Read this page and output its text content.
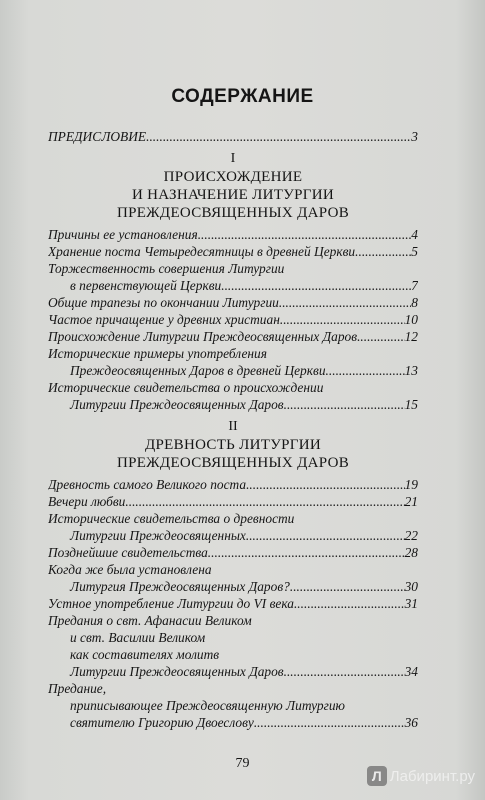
СОДЕРЖАНИЕ
ПРЕДИСЛОВИЕ .....	3
I
ПРОИСХОЖДЕНИЕ
И НАЗНАЧЕНИЕ ЛИТУРГИИ
ПРЕЖДЕОСВЯЩЕННЫХ ДАРОВ
Причины ее установления .....	4
Хранение поста Четыредесятницы в древней Церкви .....	5
Торжественность совершения Литургии
в первенствующей Церкви .....	7
Общие трапезы по окончании Литургии .....	8
Частое причащение у древних христиан .....	10
Происхождение Литургии Преждеосвященных Даров .....	12
Исторические примеры употребления
Преждеосвященных Даров в древней Церкви .....	13
Исторические свидетельства о происхождении
Литургии Преждеосвященных Даров .....	15
II
ДРЕВНОСТЬ ЛИТУРГИИ
ПРЕЖДЕОСВЯЩЕННЫХ ДАРОВ
Древность самого Великого поста .....	19
Вечери любви .....	21
Исторические свидетельства о древности
Литургии Преждеосвященных .....	22
Позднейшие свидетельства .....	28
Когда же была установлена
Литургия Преждеосвященных Даров? .....	30
Устное употребление Литургии до VI века .....	31
Предания о свт. Афанасии Великом
и свт. Василии Великом
как составителях молитв
Литургии Преждеосвященных Даров .....	34
Предание,
приписывающее Преждеосвященную Литургию
святителю Григорию Двоеслову .....	36
79
Л Лабиринт.ру
